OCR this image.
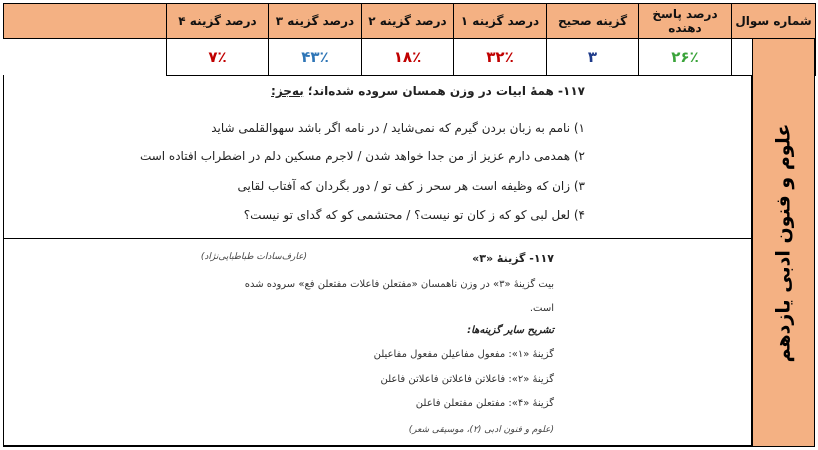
شماره سوال	درصد پاسخ دهنده	گزینه صحیح	درصد گزینه ۱	درصد گزینه ۲	درصد گزینه ۳	درصد گزینه ۴	
	۲۶٪	۳	۳۲٪	۱۸٪	۴۳٪	۷٪	
علوم و فنون ادبی یازدهم
۱۱۷- همهٔ ابیات در وزن همسان سروده شده‌اند؛ به‌جز:
۱) نامم به زبان بردن گیرم که نمی‌شاید / در نامه اگر باشد سهوالقلمی شاید
۲) همدمی دارم عزیز از من جدا خواهد شدن / لاجرم مسکین دلم در اضطراب افتاده است
۳) زان که وظیفه است هر سحر ز کف تو / دور بگردان که آفتاب لقایی
۴) لعل لبی کو که ز کان تو نیست؟ / محتشمی کو که گدای تو نیست؟
۱۱۷- گزینهٔ «۳»
(عارف‌سادات طباطبایی‌نژاد)
بیت گزینهٔ «۳» در وزن ناهمسان «مفتعلن فاعلات مفتعلن فع» سروده شده
است.
تشریح سایر گزینه‌ها:
گزینهٔ «۱»: مفعول مفاعیلن مفعول مفاعیلن
گزینهٔ «۲»: فاعلاتن فاعلاتن فاعلاتن فاعلن
گزینهٔ «۴»: مفتعلن مفتعلن فاعلن
(علوم و فنون ادبی (۲)، موسیقی شعر)
